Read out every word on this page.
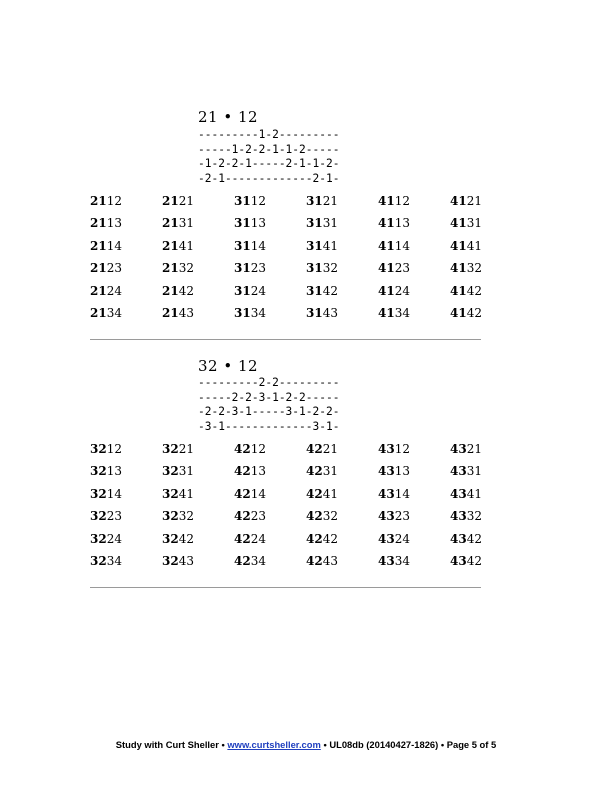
21 • 12
---------1-2---------
-----1-2-2-1-1-2-----
-1-2-2-1-----2-1-1-2-
-2-1-------------2-1-
2112	2121	3112	3121	4112	4121
2113	2131	3113	3131	4113	4131
2114	2141	3114	3141	4114	4141
2123	2132	3123	3132	4123	4132
2124	2142	3124	3142	4124	4142
2134	2143	3134	3143	4134	4142
32 • 12
---------2-2---------
-----2-2-3-1-2-2-----
-2-2-3-1-----3-1-2-2-
-3-1-------------3-1-
3212	3221	4212	4221	4312	4321
3213	3231	4213	4231	4313	4331
3214	3241	4214	4241	4314	4341
3223	3232	4223	4232	4323	4332
3224	3242	4224	4242	4324	4342
3234	3243	4234	4243	4334	4342
Study with Curt Sheller • www.curtsheller.com • UL08db (20140427-1826) • Page 5 of 5
